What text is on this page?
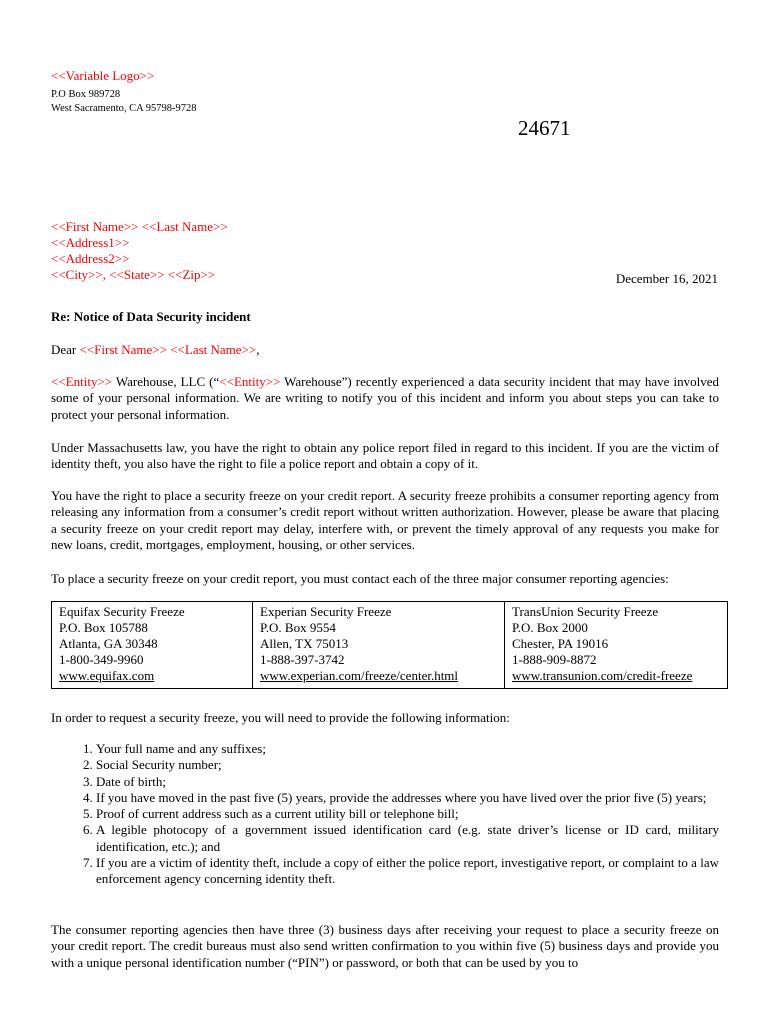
<<Variable Logo>>
P.O Box 989728
West Sacramento, CA 95798-9728
24671
<<First Name>> <<Last Name>>
<<Address1>>
<<Address2>>
<<City>>, <<State>> <<Zip>>	December 16, 2021
Re: Notice of Data Security incident
Dear <<First Name>> <<Last Name>>,
<<Entity>> Warehouse, LLC (“<<Entity>> Warehouse”) recently experienced a data security incident that may have involved some of your personal information. We are writing to notify you of this incident and inform you about steps you can take to protect your personal information.
Under Massachusetts law, you have the right to obtain any police report filed in regard to this incident. If you are the victim of identity theft, you also have the right to file a police report and obtain a copy of it.
You have the right to place a security freeze on your credit report. A security freeze prohibits a consumer reporting agency from releasing any information from a consumer’s credit report without written authorization. However, please be aware that placing a security freeze on your credit report may delay, interfere with, or prevent the timely approval of any requests you make for new loans, credit, mortgages, employment, housing, or other services.
To place a security freeze on your credit report, you must contact each of the three major consumer reporting agencies:
Equifax Security Freeze
P.O. Box 105788
Atlanta, GA 30348
1-800-349-9960
www.equifax.com

Experian Security Freeze
P.O. Box 9554
Allen, TX 75013
1-888-397-3742
www.experian.com/freeze/center.html

TransUnion Security Freeze
P.O. Box 2000
Chester, PA 19016
1-888-909-8872
www.transunion.com/credit-freeze
In order to request a security freeze, you will need to provide the following information:
1. Your full name and any suffixes;
2. Social Security number;
3. Date of birth;
4. If you have moved in the past five (5) years, provide the addresses where you have lived over the prior five (5) years;
5. Proof of current address such as a current utility bill or telephone bill;
6. A legible photocopy of a government issued identification card (e.g. state driver’s license or ID card, military identification, etc.); and
7. If you are a victim of identity theft, include a copy of either the police report, investigative report, or complaint to a law enforcement agency concerning identity theft.
The consumer reporting agencies then have three (3) business days after receiving your request to place a security freeze on your credit report. The credit bureaus must also send written confirmation to you within five (5) business days and provide you with a unique personal identification number (“PIN”) or password, or both that can be used by you to
